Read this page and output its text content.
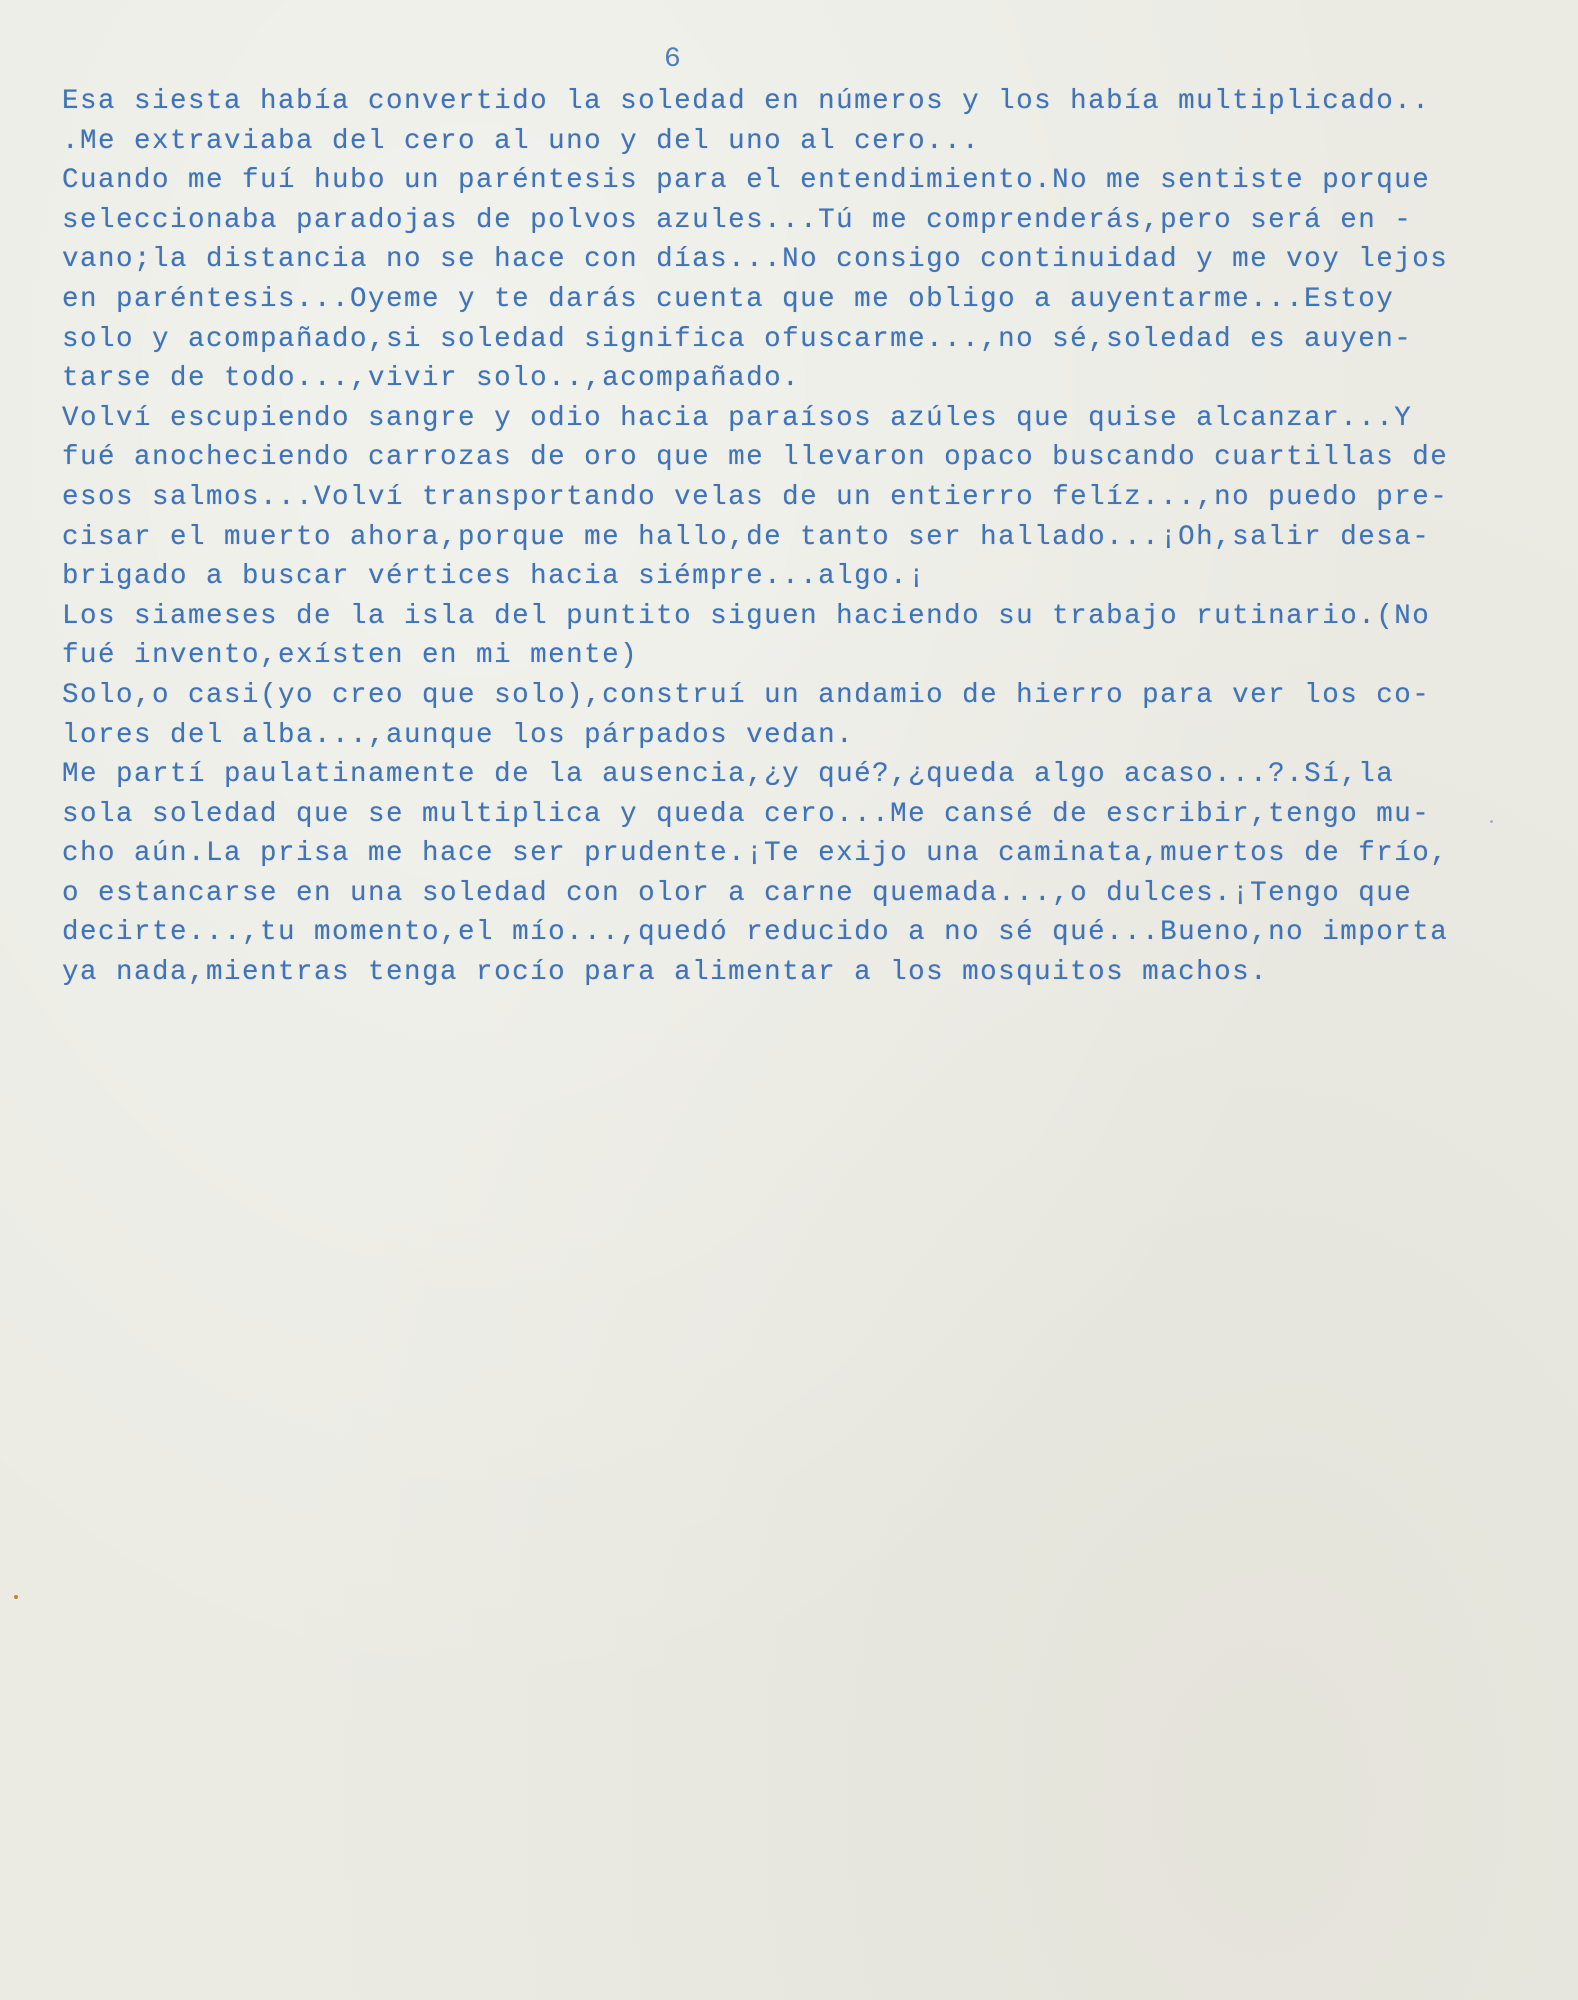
6
Esa siesta había convertido la soledad en números y los había multiplicado..
.Me extraviaba del cero al uno y del uno al cero...
Cuando me fuí hubo un paréntesis para el entendimiento.No me sentiste porque
seleccionaba paradojas de polvos azules...Tú me comprenderás,pero será en -
vano;la distancia no se hace con días...No consigo continuidad y me voy lejos
en paréntesis...Oyeme y te darás cuenta que me obligo a auyentarme...Estoy
solo y acompañado,si soledad significa ofuscarme...,no sé,soledad es auyen-
tarse de todo...,vivir solo..,acompañado.
Volví escupiendo sangre y odio hacia paraísos azúles que quise alcanzar...Y
fué anocheciendo carrozas de oro que me llevaron opaco buscando cuartillas de
esos salmos...Volví transportando velas de un entierro felíz...,no puedo pre-
cisar el muerto ahora,porque me hallo,de tanto ser hallado...¡Oh,salir desa-
brigado a buscar vértices hacia siémpre...algo.¡
Los siameses de la isla del puntito siguen haciendo su trabajo rutinario.(No
fué invento,exísten en mi mente)
Solo,o casi(yo creo que solo),construí un andamio de hierro para ver los co-
lores del alba...,aunque los párpados vedan.
Me partí paulatinamente de la ausencia,¿y qué?,¿queda algo acaso...?.Sí,la
sola soledad que se multiplica y queda cero...Me cansé de escribir,tengo mu-
cho aún.La prisa me hace ser prudente.¡Te exijo una caminata,muertos de frío,
o estancarse en una soledad con olor a carne quemada...,o dulces.¡Tengo que
decirte...,tu momento,el mío...,quedó reducido a no sé qué...Bueno,no importa
ya nada,mientras tenga rocío para alimentar a los mosquitos machos.
